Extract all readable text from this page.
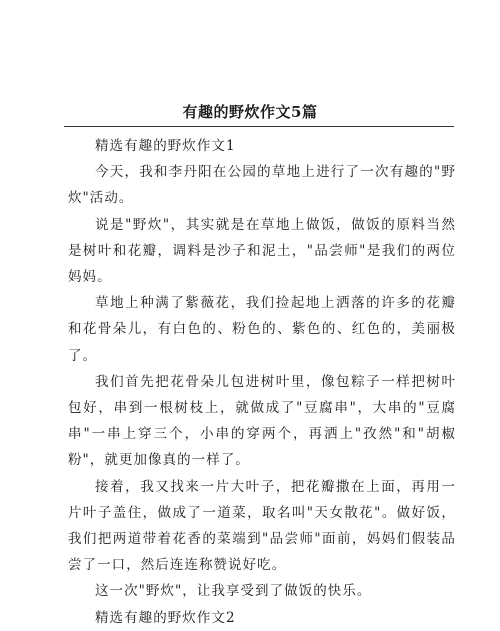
有趣的野炊作文5篇

精选有趣的野炊作文1

今天，我和李丹阳在公园的草地上进行了一次有趣的"野炊"活动。

说是"野炊"，其实就是在草地上做饭，做饭的原料当然是树叶和花瓣，调料是沙子和泥土，"品尝师"是我们的两位妈妈。

草地上种满了紫薇花，我们捡起地上洒落的许多的花瓣和花骨朵儿，有白色的、粉色的、紫色的、红色的，美丽极了。

我们首先把花骨朵儿包进树叶里，像包粽子一样把树叶包好，串到一根树枝上，就做成了"豆腐串"，大串的"豆腐串"一串上穿三个，小串的穿两个，再洒上"孜然"和"胡椒粉"，就更加像真的一样了。

接着，我又找来一片大叶子，把花瓣撒在上面，再用一片叶子盖住，做成了一道菜，取名叫"天女散花"。做好饭，我们把两道带着花香的菜端到"品尝师"面前，妈妈们假装品尝了一口，然后连连称赞说好吃。

这一次"野炊"，让我享受到了做饭的快乐。

精选有趣的野炊作文2
